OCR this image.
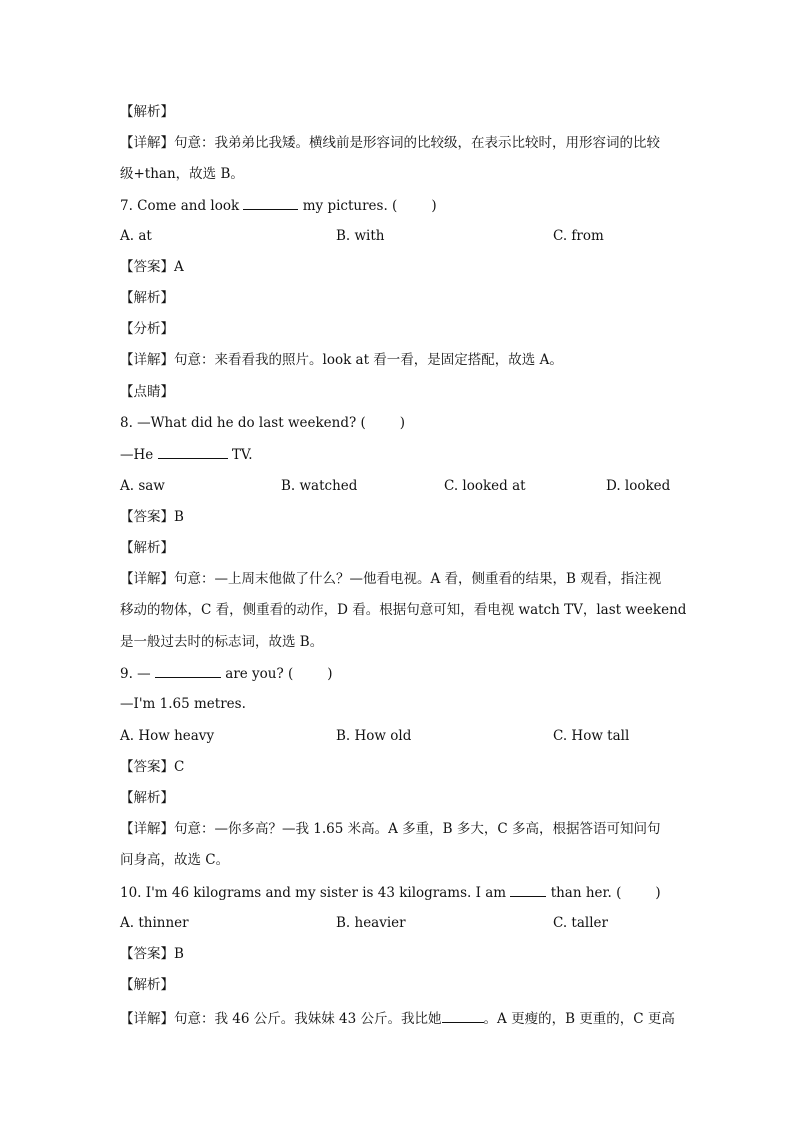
【解析】
【详解】句意：我弟弟比我矮。横线前是形容词的比较级，在表示比较时，用形容词的比较
级+than，故选 B。
7. Come and look	my pictures. (	)
A. at	B. with	C. from
【答案】A
【解析】
【分析】
【详解】句意：来看看我的照片。look at 看一看，是固定搭配，故选 A。
【点睛】
8. —What did he do last weekend? (	)
—He	TV.
A. saw	B. watched	C. looked at	D. looked
【答案】B
【解析】
【详解】句意：—上周末他做了什么？—他看电视。A 看，侧重看的结果，B 观看，指注视
移动的物体，C 看，侧重看的动作，D 看。根据句意可知，看电视 watch TV，last weekend
是一般过去时的标志词，故选 B。
9. —	are you? (	)
—I'm 1.65 metres.
A. How heavy	B. How old	C. How tall
【答案】C
【解析】
【详解】句意：—你多高？—我 1.65 米高。A 多重，B 多大，C 多高，根据答语可知问句
问身高，故选 C。
10. I'm 46 kilograms and my sister is 43 kilograms. I am	than her. (	)
A. thinner	B. heavier	C. taller
【答案】B
【解析】
【详解】句意：我 46 公斤。我妹妹 43 公斤。我比她	。A 更瘦的，B 更重的，C 更高
